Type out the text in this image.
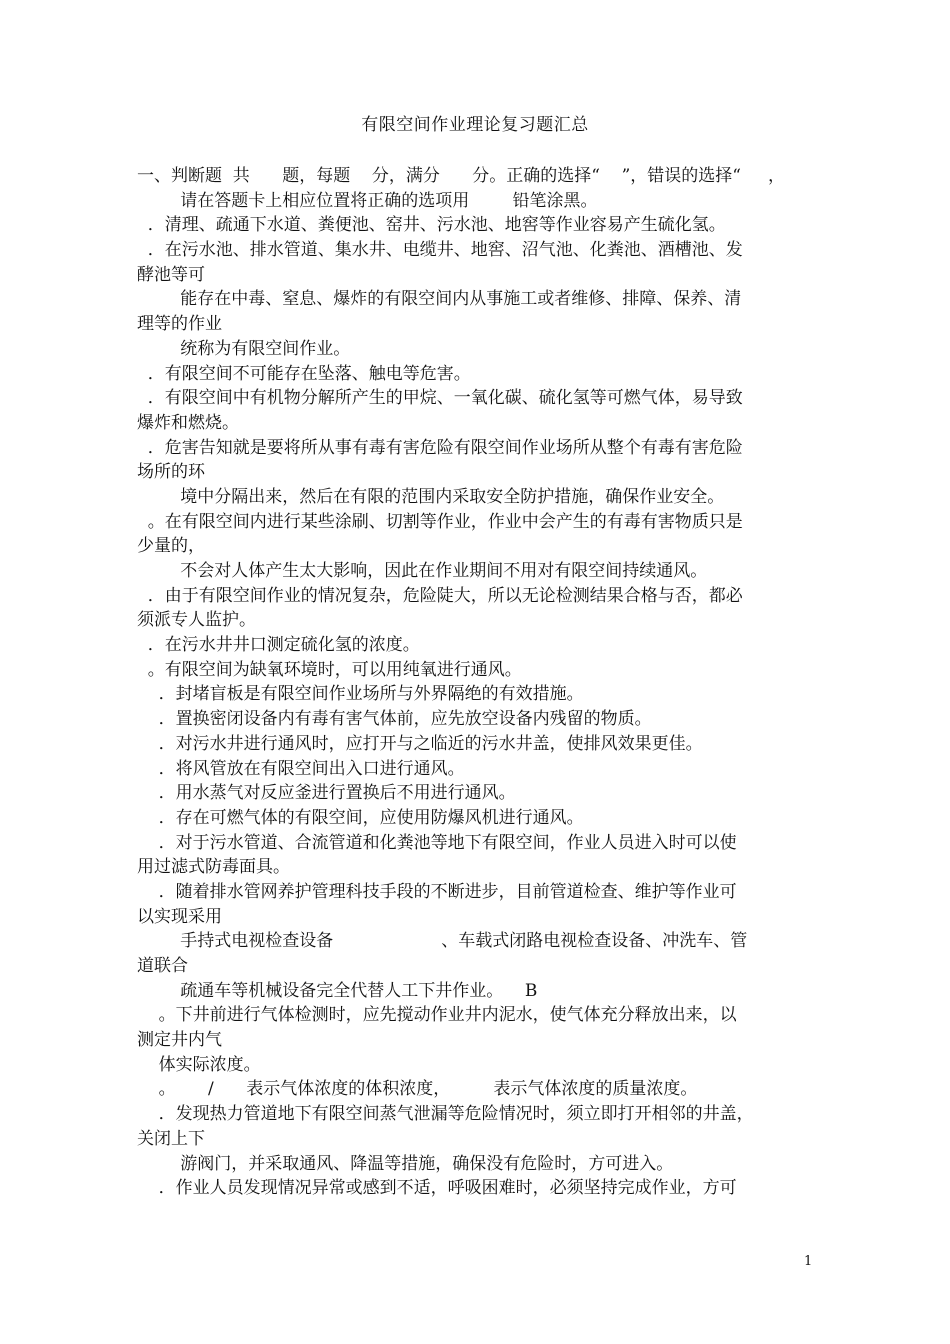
有限空间作业理论复习题汇总
一、判断题  共      题，每题    分，满分      分。正确的选择“    ”，错误的选择“     ，
请在答题卡上相应位置将正确的选项用        铅笔涂黑。
．清理、疏通下水道、粪便池、窑井、污水池、地窖等作业容易产生硫化氢。
．在污水池、排水管道、集水井、电缆井、地窖、沼气池、化粪池、酒槽池、发
酵池等可
能存在中毒、窒息、爆炸的有限空间内从事施工或者维修、排障、保养、清
理等的作业
统称为有限空间作业。
．有限空间不可能存在坠落、触电等危害。
．有限空间中有机物分解所产生的甲烷、一氧化碳、硫化氢等可燃气体，易导致
爆炸和燃烧。
．危害告知就是要将所从事有毒有害危险有限空间作业场所从整个有毒有害危险
场所的环
境中分隔出来，然后在有限的范围内采取安全防护措施，确保作业安全。
。在有限空间内进行某些涂刷、切割等作业，作业中会产生的有毒有害物质只是
少量的，
不会对人体产生太大影响，因此在作业期间不用对有限空间持续通风。
．由于有限空间作业的情况复杂，危险陡大，所以无论检测结果合格与否，都必
须派专人监护。
．在污水井井口测定硫化氢的浓度。
。有限空间为缺氧环境时，可以用纯氧进行通风。
．封堵盲板是有限空间作业场所与外界隔绝的有效措施。
．置换密闭设备内有毒有害气体前，应先放空设备内残留的物质。
．对污水井进行通风时，应打开与之临近的污水井盖，使排风效果更佳。
．将风管放在有限空间出入口进行通风。
．用水蒸气对反应釜进行置换后不用进行通风。
．存在可燃气体的有限空间，应使用防爆风机进行通风。
．对于污水管道、合流管道和化粪池等地下有限空间，作业人员进入时可以使
用过滤式防毒面具。
．随着排水管网养护管理科技手段的不断进步，目前管道检查、维护等作业可
以实现采用
手持式电视检查设备                    、车载式闭路电视检查设备、冲洗车、管
道联合
疏通车等机械设备完全代替人工下井作业。    B
。下井前进行气体检测时，应先搅动作业井内泥水，使气体充分释放出来，以
测定井内气
体实际浓度。
。      /      表示气体浓度的体积浓度，        表示气体浓度的质量浓度。
．发现热力管道地下有限空间蒸气泄漏等危险情况时，须立即打开相邻的井盖，
关闭上下
游阀门，并采取通风、降温等措施，确保没有危险时，方可进入。
．作业人员发现情况异常或感到不适，呼吸困难时，必须坚持完成作业，方可
1
